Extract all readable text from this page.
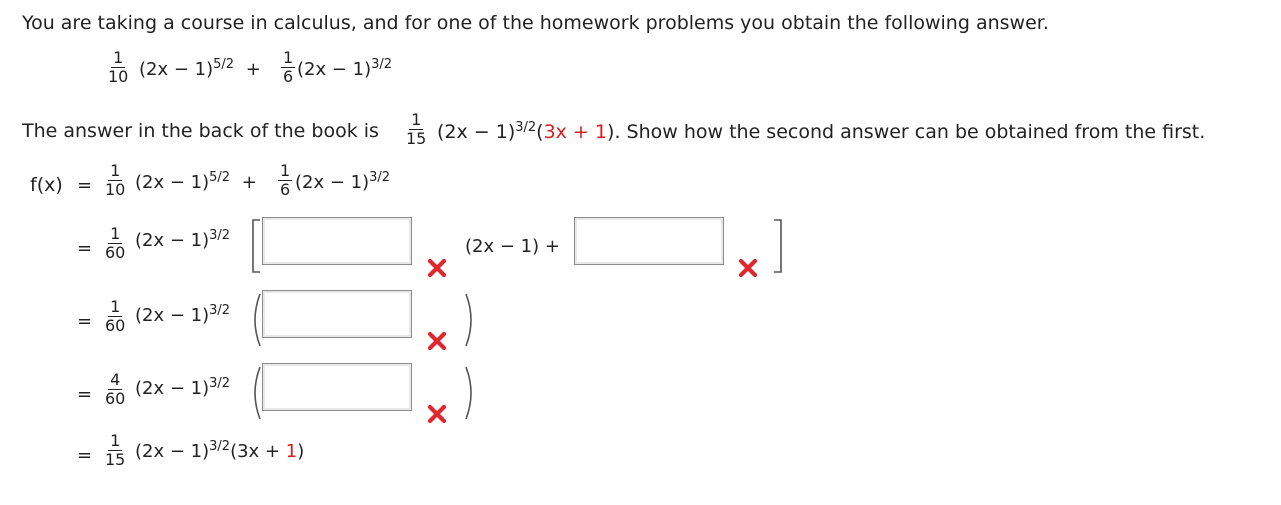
You are taking a course in calculus, and for one of the homework problems you obtain the following answer.
$\frac{1}{10} (2x - 1)^{5/2} + \frac{1}{6} (2x - 1)^{3/2}$
The answer in the back of the book is $\frac{1}{15} (2x - 1)^{3/2}(3x + 1)$. Show how the second answer can be obtained from the first.
$f(x) = \frac{1}{10} (2x - 1)^{5/2} + \frac{1}{6} (2x - 1)^{3/2}$
= $\frac{1}{60} (2x - 1)^{3/2}$
(2x − 1) +
= $\frac{1}{60} (2x - 1)^{3/2}$
= $\frac{4}{60} (2x - 1)^{3/2}$
= $\frac{1}{15} (2x - 1)^{3/2}(3x + 1)$
